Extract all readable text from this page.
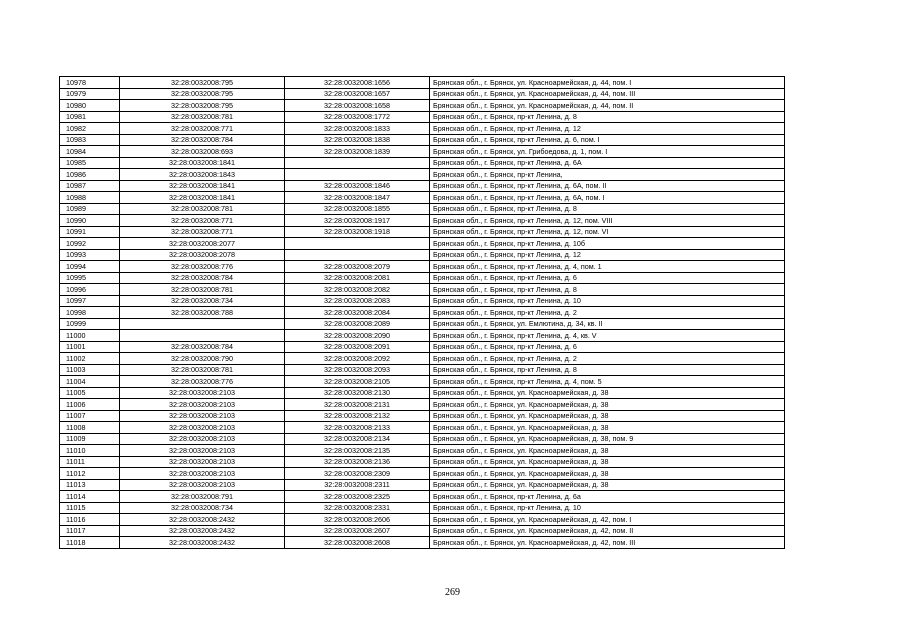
10978	32:28:0032008:795	32:28:0032008:1656	Брянская обл., г. Брянск, ул. Красноармейская, д. 44, пом. I
10979	32:28:0032008:795	32:28:0032008:1657	Брянская обл., г. Брянск, ул. Красноармейская, д. 44, пом. III
10980	32:28:0032008:795	32:28:0032008:1658	Брянская обл., г. Брянск, ул. Красноармейская, д. 44, пом. II
10981	32:28:0032008:781	32:28:0032008:1772	Брянская обл., г. Брянск, пр-кт Ленина, д. 8
10982	32:28:0032008:771	32:28:0032008:1833	Брянская обл., г. Брянск, пр-кт Ленина, д. 12
10983	32:28:0032008:784	32:28:0032008:1838	Брянская обл., г. Брянск, пр-кт Ленина, д. 6, пом. I
10984	32:28:0032008:693	32:28:0032008:1839	Брянская обл., г. Брянск, ул. Грибоедова, д. 1, пом. I
10985	32:28:0032008:1841		Брянская обл., г. Брянск, пр-кт Ленина, д. 6А
10986	32:28:0032008:1843		Брянская обл., г. Брянск, пр-кт Ленина,
10987	32:28:0032008:1841	32:28:0032008:1846	Брянская обл., г. Брянск, пр-кт Ленина, д. 6А, пом. II
10988	32:28:0032008:1841	32:28:0032008:1847	Брянская обл., г. Брянск, пр-кт Ленина, д. 6А, пом. I
10989	32:28:0032008:781	32:28:0032008:1855	Брянская обл., г. Брянск, пр-кт Ленина, д. 8
10990	32:28:0032008:771	32:28:0032008:1917	Брянская обл., г. Брянск, пр-кт Ленина, д. 12, пом. VIII
10991	32:28:0032008:771	32:28:0032008:1918	Брянская обл., г. Брянск, пр-кт Ленина, д. 12, пом. VI
10992	32:28:0032008:2077		Брянская обл., г. Брянск, пр-кт Ленина, д. 10б
10993	32:28:0032008:2078		Брянская обл., г. Брянск, пр-кт Ленина, д. 12
10994	32:28:0032008:776	32:28:0032008:2079	Брянская обл., г. Брянск, пр-кт Ленина, д. 4, пом. 1
10995	32:28:0032008:784	32:28:0032008:2081	Брянская обл., г. Брянск, пр-кт Ленина, д. 6
10996	32:28:0032008:781	32:28:0032008:2082	Брянская обл., г. Брянск, пр-кт Ленина, д. 8
10997	32:28:0032008:734	32:28:0032008:2083	Брянская обл., г. Брянск, пр-кт Ленина, д. 10
10998	32:28:0032008:788	32:28:0032008:2084	Брянская обл., г. Брянск, пр-кт Ленина, д. 2
10999		32:28:0032008:2089	Брянская обл., г. Брянск, ул. Емлютина, д. 34, кв. II
11000		32:28:0032008:2090	Брянская обл., г. Брянск, пр-кт Ленина, д. 4, кв. V
11001	32:28:0032008:784	32:28:0032008:2091	Брянская обл., г. Брянск, пр-кт Ленина, д. 6
11002	32:28:0032008:790	32:28:0032008:2092	Брянская обл., г. Брянск, пр-кт Ленина, д. 2
11003	32:28:0032008:781	32:28:0032008:2093	Брянская обл., г. Брянск, пр-кт Ленина, д. 8
11004	32:28:0032008:776	32:28:0032008:2105	Брянская обл., г. Брянск, пр-кт Ленина, д. 4, пом. 5
11005	32:28:0032008:2103	32:28:0032008:2130	Брянская обл., г. Брянск, ул. Красноармейская, д. 38
11006	32:28:0032008:2103	32:28:0032008:2131	Брянская обл., г. Брянск, ул. Красноармейская, д. 38
11007	32:28:0032008:2103	32:28:0032008:2132	Брянская обл., г. Брянск, ул. Красноармейская, д. 38
11008	32:28:0032008:2103	32:28:0032008:2133	Брянская обл., г. Брянск, ул. Красноармейская, д. 38
11009	32:28:0032008:2103	32:28:0032008:2134	Брянская обл., г. Брянск, ул. Красноармейская, д. 38, пом. 9
11010	32:28:0032008:2103	32:28:0032008:2135	Брянская обл., г. Брянск, ул. Красноармейская, д. 38
11011	32:28:0032008:2103	32:28:0032008:2136	Брянская обл., г. Брянск, ул. Красноармейская, д. 38
11012	32:28:0032008:2103	32:28:0032008:2309	Брянская обл., г. Брянск, ул. Красноармейская, д. 38
11013	32:28:0032008:2103	32:28:0032008:2311	Брянская обл., г. Брянск, ул. Красноармейская, д. 38
11014	32:28:0032008:791	32:28:0032008:2325	Брянская обл., г. Брянск, пр-кт Ленина, д. 6а
11015	32:28:0032008:734	32:28:0032008:2331	Брянская обл., г. Брянск, пр-кт Ленина, д. 10
11016	32:28:0032008:2432	32:28:0032008:2606	Брянская обл., г. Брянск, ул. Красноармейская, д. 42, пом. I
11017	32:28:0032008:2432	32:28:0032008:2607	Брянская обл., г. Брянск, ул. Красноармейская, д. 42, пом. II
11018	32:28:0032008:2432	32:28:0032008:2608	Брянская обл., г. Брянск, ул. Красноармейская, д. 42, пом. III
269
